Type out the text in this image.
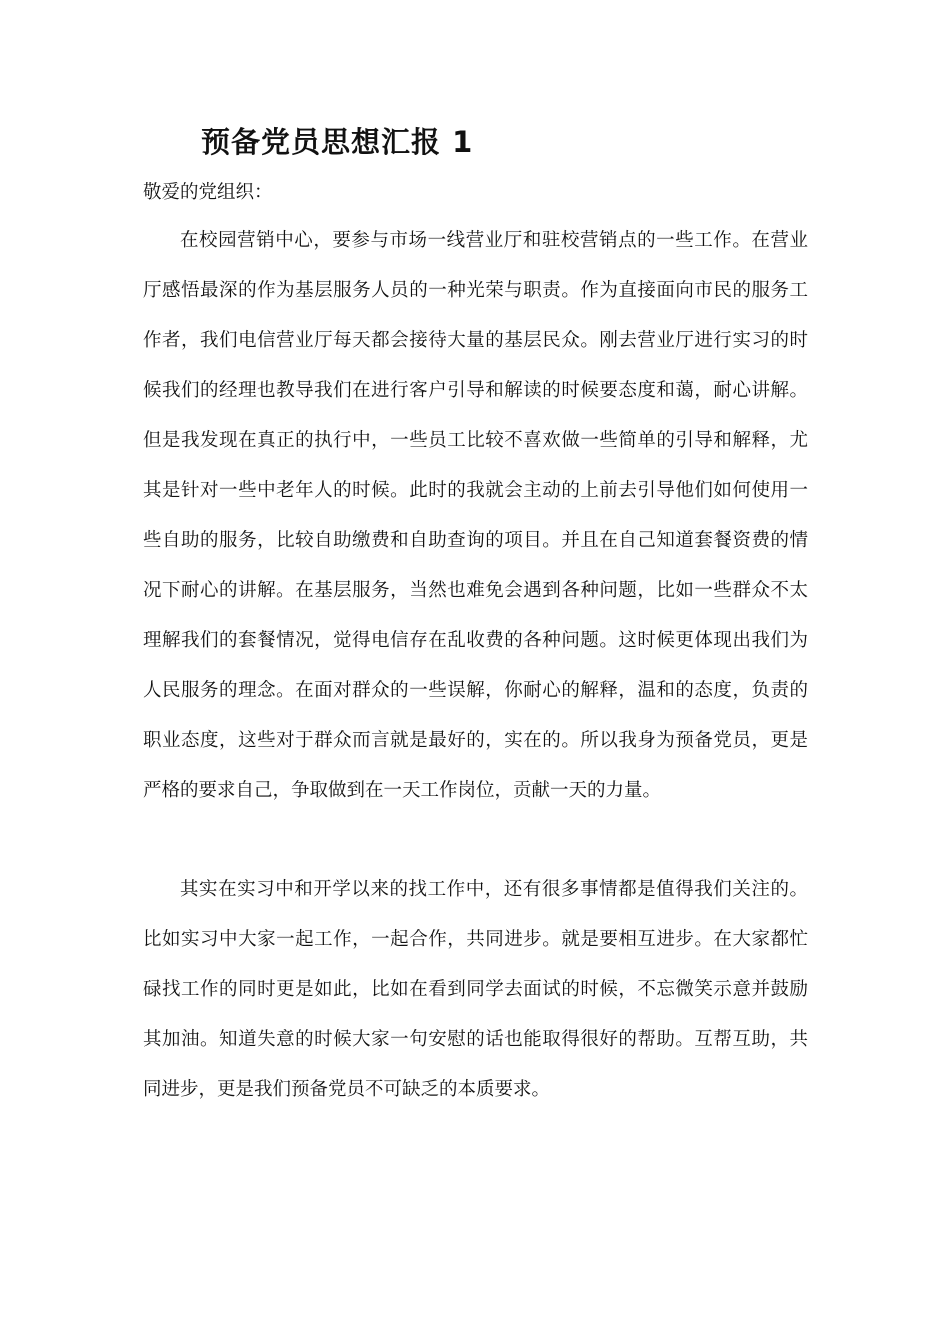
预备党员思想汇报 1

敬爱的党组织：

在校园营销中心，要参与市场一线营业厅和驻校营销点的一些工作。在营业厅感悟最深的作为基层服务人员的一种光荣与职责。作为直接面向市民的服务工作者，我们电信营业厅每天都会接待大量的基层民众。刚去营业厅进行实习的时候我们的经理也教导我们在进行客户引导和解读的时候要态度和蔼，耐心讲解。但是我发现在真正的执行中，一些员工比较不喜欢做一些简单的引导和解释，尤其是针对一些中老年人的时候。此时的我就会主动的上前去引导他们如何使用一些自助的服务，比较自助缴费和自助查询的项目。并且在自己知道套餐资费的情况下耐心的讲解。在基层服务，当然也难免会遇到各种问题，比如一些群众不太理解我们的套餐情况，觉得电信存在乱收费的各种问题。这时候更体现出我们为人民服务的理念。在面对群众的一些误解，你耐心的解释，温和的态度，负责的职业态度，这些对于群众而言就是最好的，实在的。所以我身为预备党员，更是严格的要求自己，争取做到在一天工作岗位，贡献一天的力量。

其实在实习中和开学以来的找工作中，还有很多事情都是值得我们关注的。比如实习中大家一起工作，一起合作，共同进步。就是要相互进步。在大家都忙碌找工作的同时更是如此，比如在看到同学去面试的时候，不忘微笑示意并鼓励其加油。知道失意的时候大家一句安慰的话也能取得很好的帮助。互帮互助，共同进步，更是我们预备党员不可缺乏的本质要求。
